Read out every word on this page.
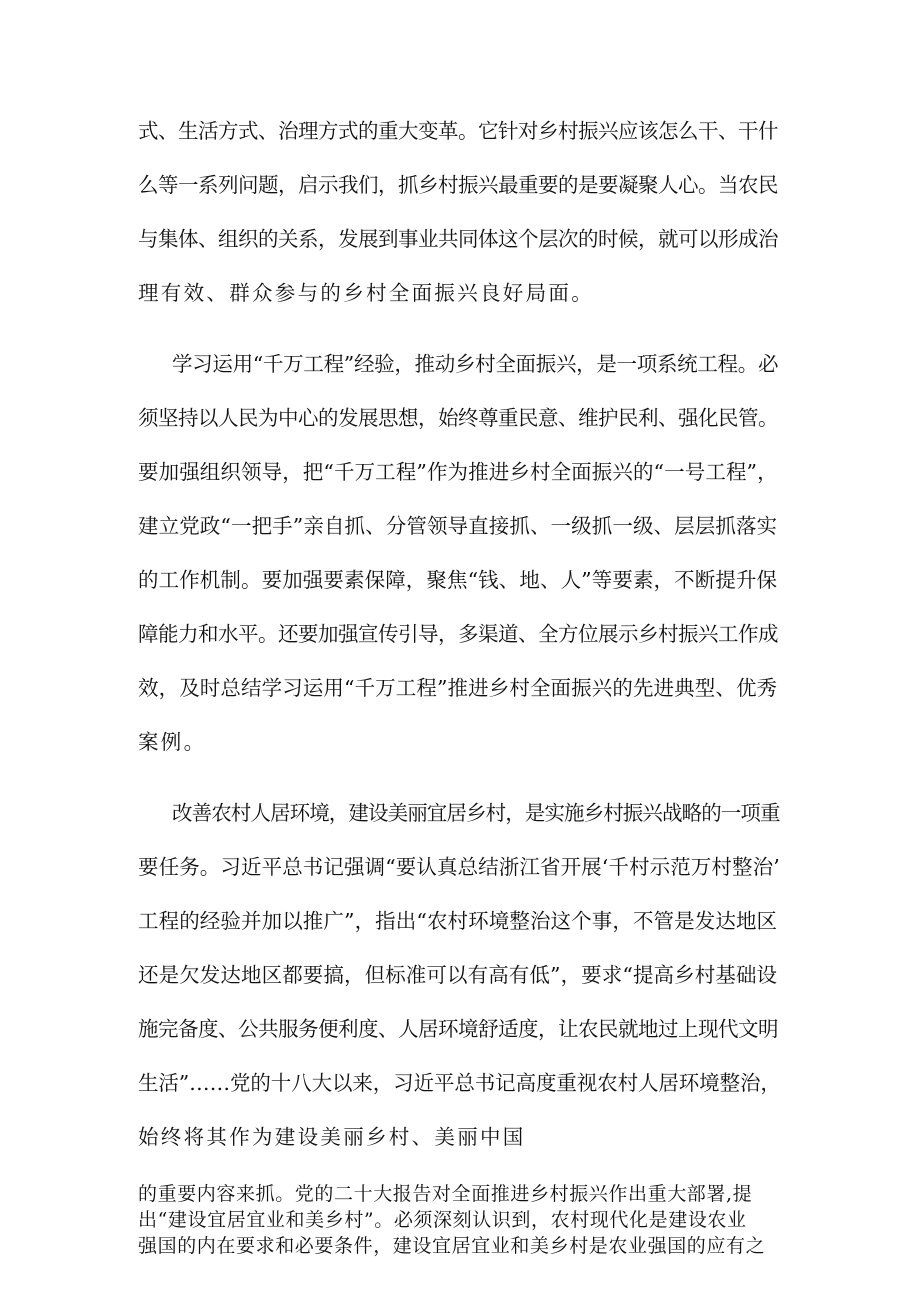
式、生活方式、治理方式的重大变革。它针对乡村振兴应该怎么干、干什
么等一系列问题，启示我们，抓乡村振兴最重要的是要凝聚人心。当农民
与集体、组织的关系，发展到事业共同体这个层次的时候，就可以形成治
理有效、群众参与的乡村全面振兴良好局面。
学习运用“千万工程”经验，推动乡村全面振兴，是一项系统工程。必
须坚持以人民为中心的发展思想，始终尊重民意、维护民利、强化民管。
要加强组织领导，把“千万工程”作为推进乡村全面振兴的“一号工程”，
建立党政“一把手”亲自抓、分管领导直接抓、一级抓一级、层层抓落实
的工作机制。要加强要素保障，聚焦“钱、地、人”等要素，不断提升保
障能力和水平。还要加强宣传引导，多渠道、全方位展示乡村振兴工作成
效，及时总结学习运用“千万工程”推进乡村全面振兴的先进典型、优秀
案例。
改善农村人居环境，建设美丽宜居乡村，是实施乡村振兴战略的一项重
要任务。习近平总书记强调“要认真总结浙江省开展‘千村示范万村整治’
工程的经验并加以推广”，指出“农村环境整治这个事，不管是发达地区
还是欠发达地区都要搞，但标准可以有高有低”，要求“提高乡村基础设
施完备度、公共服务便利度、人居环境舒适度，让农民就地过上现代文明
生活”……党的十八大以来，习近平总书记高度重视农村人居环境整治，
始终将其作为建设美丽乡村、美丽中国
的重要内容来抓。党的二十大报告对全面推进乡村振兴作出重大部署,提
出“建设宜居宜业和美乡村”。必须深刻认识到，农村现代化是建设农业
强国的内在要求和必要条件，建设宜居宜业和美乡村是农业强国的应有之
